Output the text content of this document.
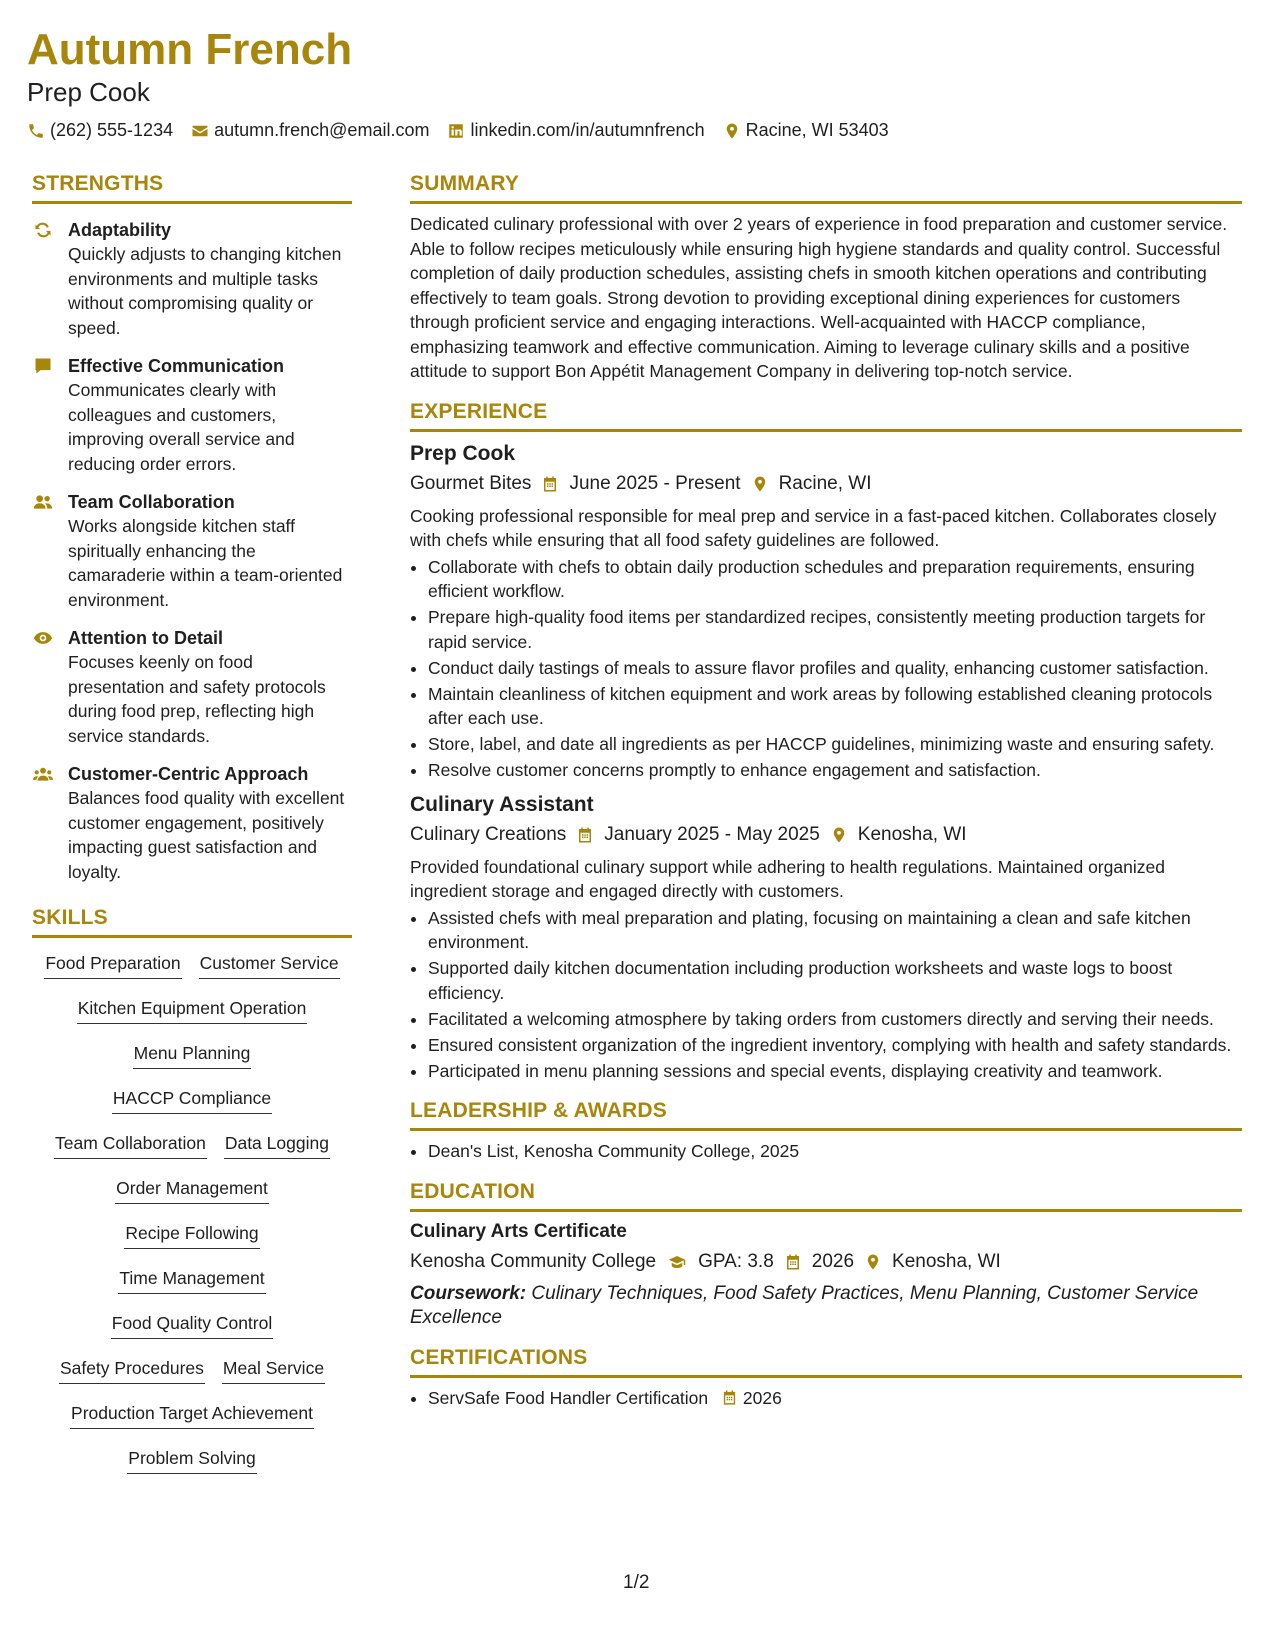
Autumn French
Prep Cook
(262) 555-1234 autumn.french@email.com linkedin.com/in/autumnfrench Racine, WI 53403
STRENGTHS
Adaptability
Quickly adjusts to changing kitchen environments and multiple tasks without compromising quality or speed.
Effective Communication
Communicates clearly with colleagues and customers, improving overall service and reducing order errors.
Team Collaboration
Works alongside kitchen staff spiritually enhancing the camaraderie within a team-oriented environment.
Attention to Detail
Focuses keenly on food presentation and safety protocols during food prep, reflecting high service standards.
Customer-Centric Approach
Balances food quality with excellent customer engagement, positively impacting guest satisfaction and loyalty.
SKILLS
Food Preparation Customer Service
Kitchen Equipment Operation
Menu Planning
HACCP Compliance
Team Collaboration Data Logging
Order Management
Recipe Following
Time Management
Food Quality Control
Safety Procedures Meal Service
Production Target Achievement
Problem Solving
SUMMARY
Dedicated culinary professional with over 2 years of experience in food preparation and customer service. Able to follow recipes meticulously while ensuring high hygiene standards and quality control. Successful completion of daily production schedules, assisting chefs in smooth kitchen operations and contributing effectively to team goals. Strong devotion to providing exceptional dining experiences for customers through proficient service and engaging interactions. Well-acquainted with HACCP compliance, emphasizing teamwork and effective communication. Aiming to leverage culinary skills and a positive attitude to support Bon Appétit Management Company in delivering top-notch service.
EXPERIENCE
Prep Cook
Gourmet Bites June 2025 - Present Racine, WI
Cooking professional responsible for meal prep and service in a fast-paced kitchen. Collaborates closely with chefs while ensuring that all food safety guidelines are followed.
• Collaborate with chefs to obtain daily production schedules and preparation requirements, ensuring efficient workflow.
• Prepare high-quality food items per standardized recipes, consistently meeting production targets for rapid service.
• Conduct daily tastings of meals to assure flavor profiles and quality, enhancing customer satisfaction.
• Maintain cleanliness of kitchen equipment and work areas by following established cleaning protocols after each use.
• Store, label, and date all ingredients as per HACCP guidelines, minimizing waste and ensuring safety.
• Resolve customer concerns promptly to enhance engagement and satisfaction.
Culinary Assistant
Culinary Creations January 2025 - May 2025 Kenosha, WI
Provided foundational culinary support while adhering to health regulations. Maintained organized ingredient storage and engaged directly with customers.
• Assisted chefs with meal preparation and plating, focusing on maintaining a clean and safe kitchen environment.
• Supported daily kitchen documentation including production worksheets and waste logs to boost efficiency.
• Facilitated a welcoming atmosphere by taking orders from customers directly and serving their needs.
• Ensured consistent organization of the ingredient inventory, complying with health and safety standards.
• Participated in menu planning sessions and special events, displaying creativity and teamwork.
LEADERSHIP & AWARDS
• Dean's List, Kenosha Community College, 2025
EDUCATION
Culinary Arts Certificate
Kenosha Community College GPA: 3.8 2026 Kenosha, WI
Coursework: Culinary Techniques, Food Safety Practices, Menu Planning, Customer Service Excellence
CERTIFICATIONS
• ServSafe Food Handler Certification 2026
1/2
